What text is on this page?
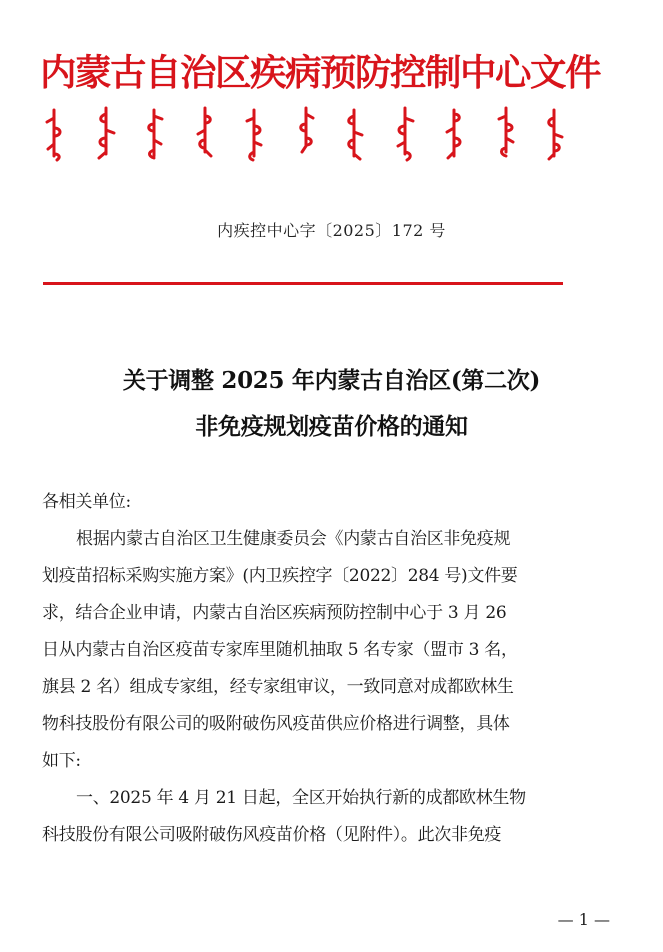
内蒙古自治区疾病预防控制中心文件
内疾控中心字〔2025〕172 号
关于调整 2025 年内蒙古自治区(第二次)
非免疫规划疫苗价格的通知
各相关单位:
根据内蒙古自治区卫生健康委员会《内蒙古自治区非免疫规
划疫苗招标采购实施方案》(内卫疾控字〔2022〕284 号)文件要
求，结合企业申请，内蒙古自治区疾病预防控制中心于 3 月 26
日从内蒙古自治区疫苗专家库里随机抽取 5 名专家（盟市 3 名，
旗县 2 名）组成专家组，经专家组审议，一致同意对成都欧林生
物科技股份有限公司的吸附破伤风疫苗供应价格进行调整，具体
如下:
一、2025 年 4 月 21 日起，全区开始执行新的成都欧林生物
科技股份有限公司吸附破伤风疫苗价格（见附件）。此次非免疫
— 1 —
